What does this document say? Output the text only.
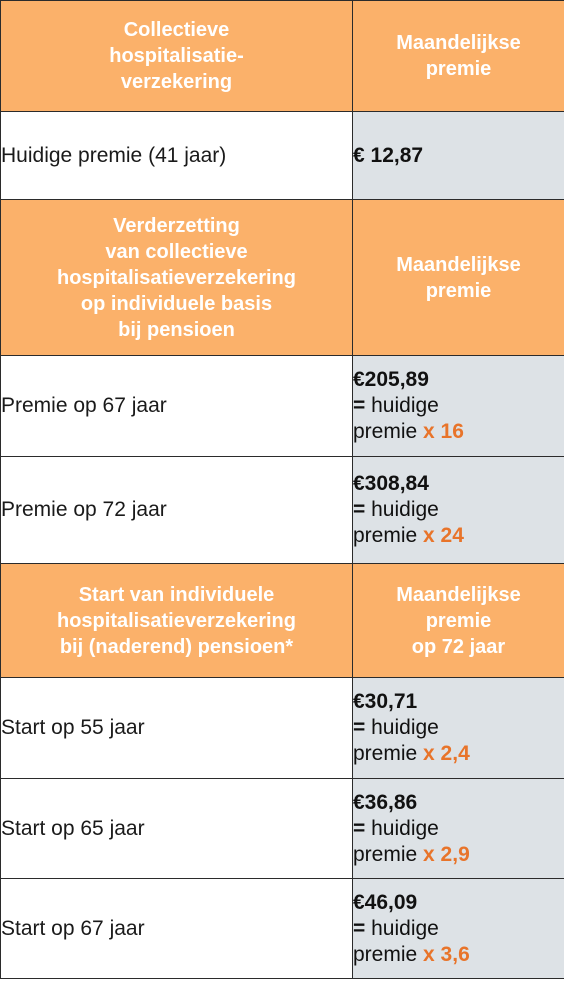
Collectieve
hospitalisatie-
verzekering	Maandelijkse
premie

Huidige premie (41 jaar)	€ 12,87

Verderzetting
van collectieve
hospitalisatieverzekering
op individuele basis
bij pensioen	Maandelijkse
premie

Premie op 67 jaar	€205,89
= huidige
premie x 16

Premie op 72 jaar	€308,84
= huidige
premie x 24

Start van individuele
hospitalisatieverzekering
bij (naderend) pensioen*	Maandelijkse
premie
op 72 jaar

Start op 55 jaar	€30,71
= huidige
premie x 2,4

Start op 65 jaar	€36,86
= huidige
premie x 2,9

Start op 67 jaar	€46,09
= huidige
premie x 3,6
